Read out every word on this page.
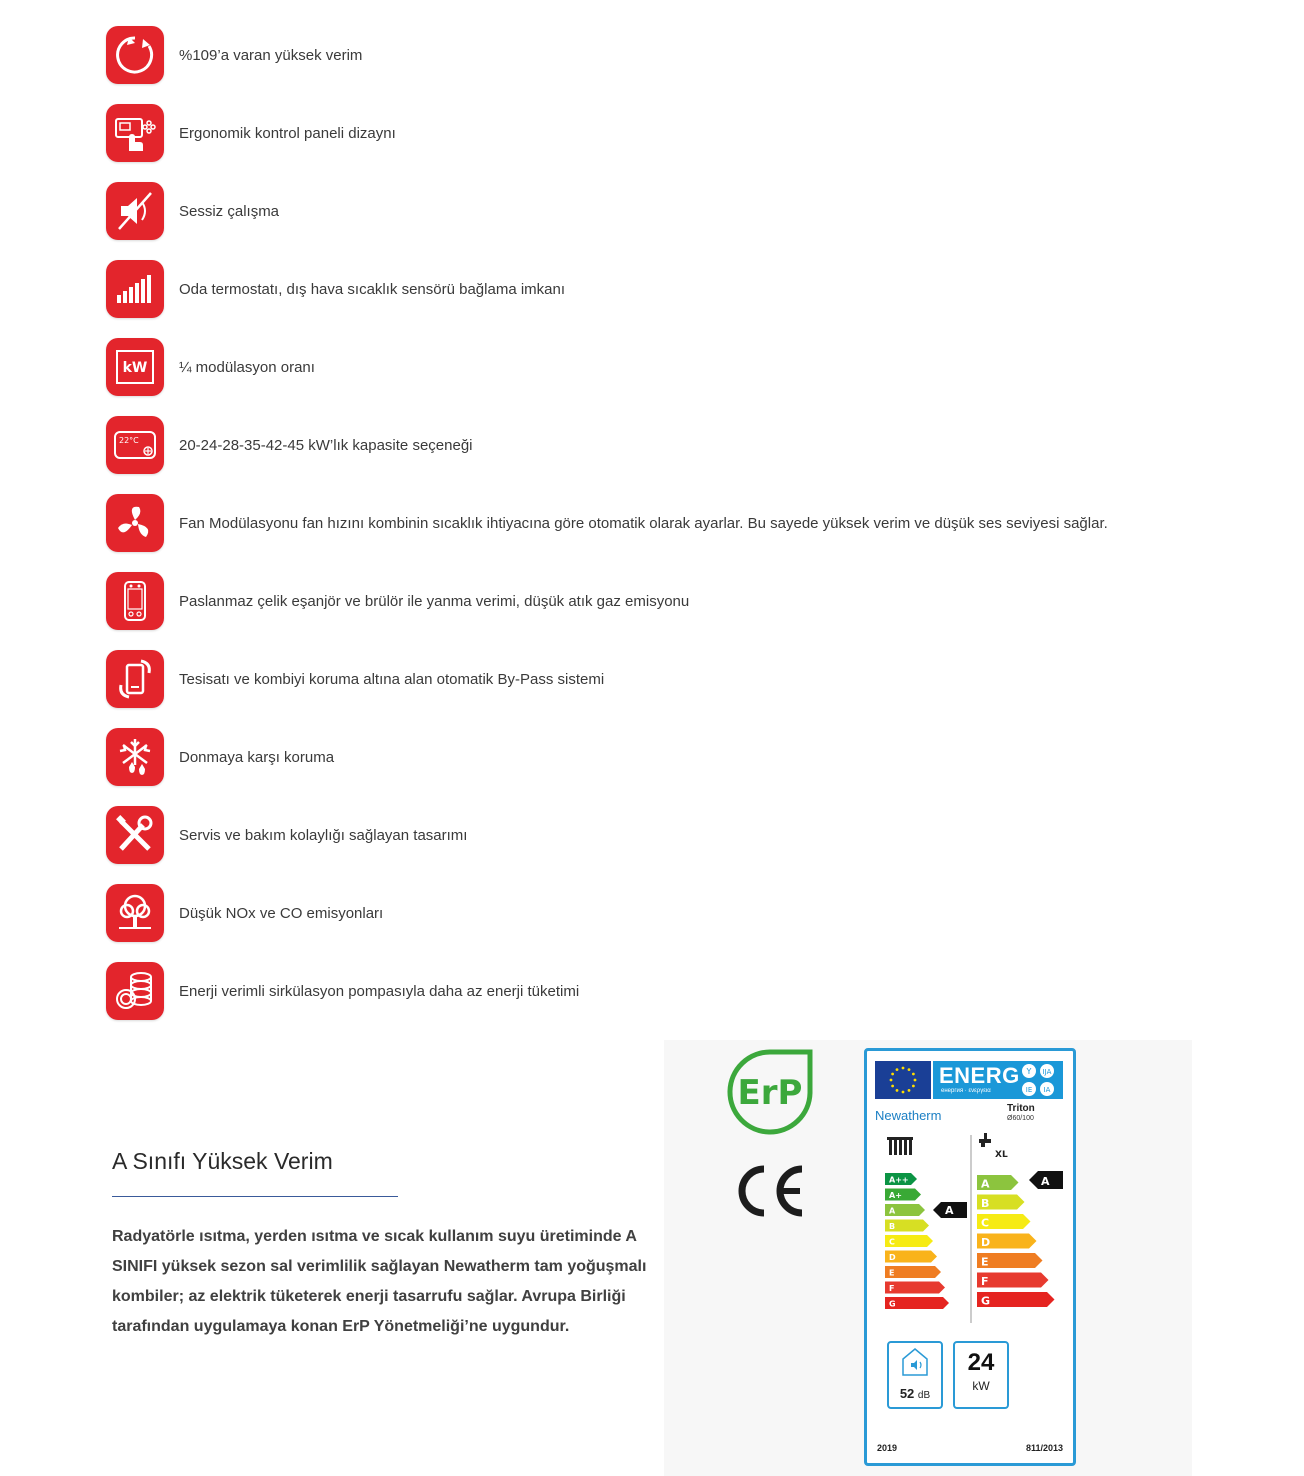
%109’a varan yüksek verim
Ergonomik kontrol paneli dizaynı
Sessiz çalışma
Oda termostatı, dış hava sıcaklık sensörü bağlama imkanı
kW ¼ modülasyon oranı
22°C	20-24-28-35-42-45 kW’lık kapasite seçeneği
Fan Modülasyonu fan hızını kombinin sıcaklık ihtiyacına göre otomatik olarak ayarlar. Bu sayede yüksek verim ve düşük ses seviyesi sağlar.
Paslanmaz çelik eşanjör ve brülör ile yanma verimi, düşük atık gaz emisyonu
Tesisatı ve kombiyi koruma altına alan otomatik By-Pass sistemi
Donmaya karşı koruma
Servis ve bakım kolaylığı sağlayan tasarımı
Düşük NOx ve CO emisyonları
Enerji verimli sirkülasyon pompasıyla daha az enerji tüketimi
A Sınıfı Yüksek Verim

Radyatörle ısıtma, yerden ısıtma ve sıcak kullanım suyu üretiminde A SINIFI yüksek sezon sal verimlilik sağlayan Newatherm tam yoğuşmalı kombiler; az elektrik tüketerek enerji tasarrufu sağlar. Avrupa Birliği tarafından uygulamaya konan ErP Yönetmeliği’ne uygundur.

ErP	ENERG
енергия · ενεργεια
Y IJA
IE IA
Newatherm	Triton
Ø60/100
XL
A++
A+
A
B
C
D
E
F
G
A
A
B
C
D
E
F
G
A
52 dB
24
kW
2019	811/2013
